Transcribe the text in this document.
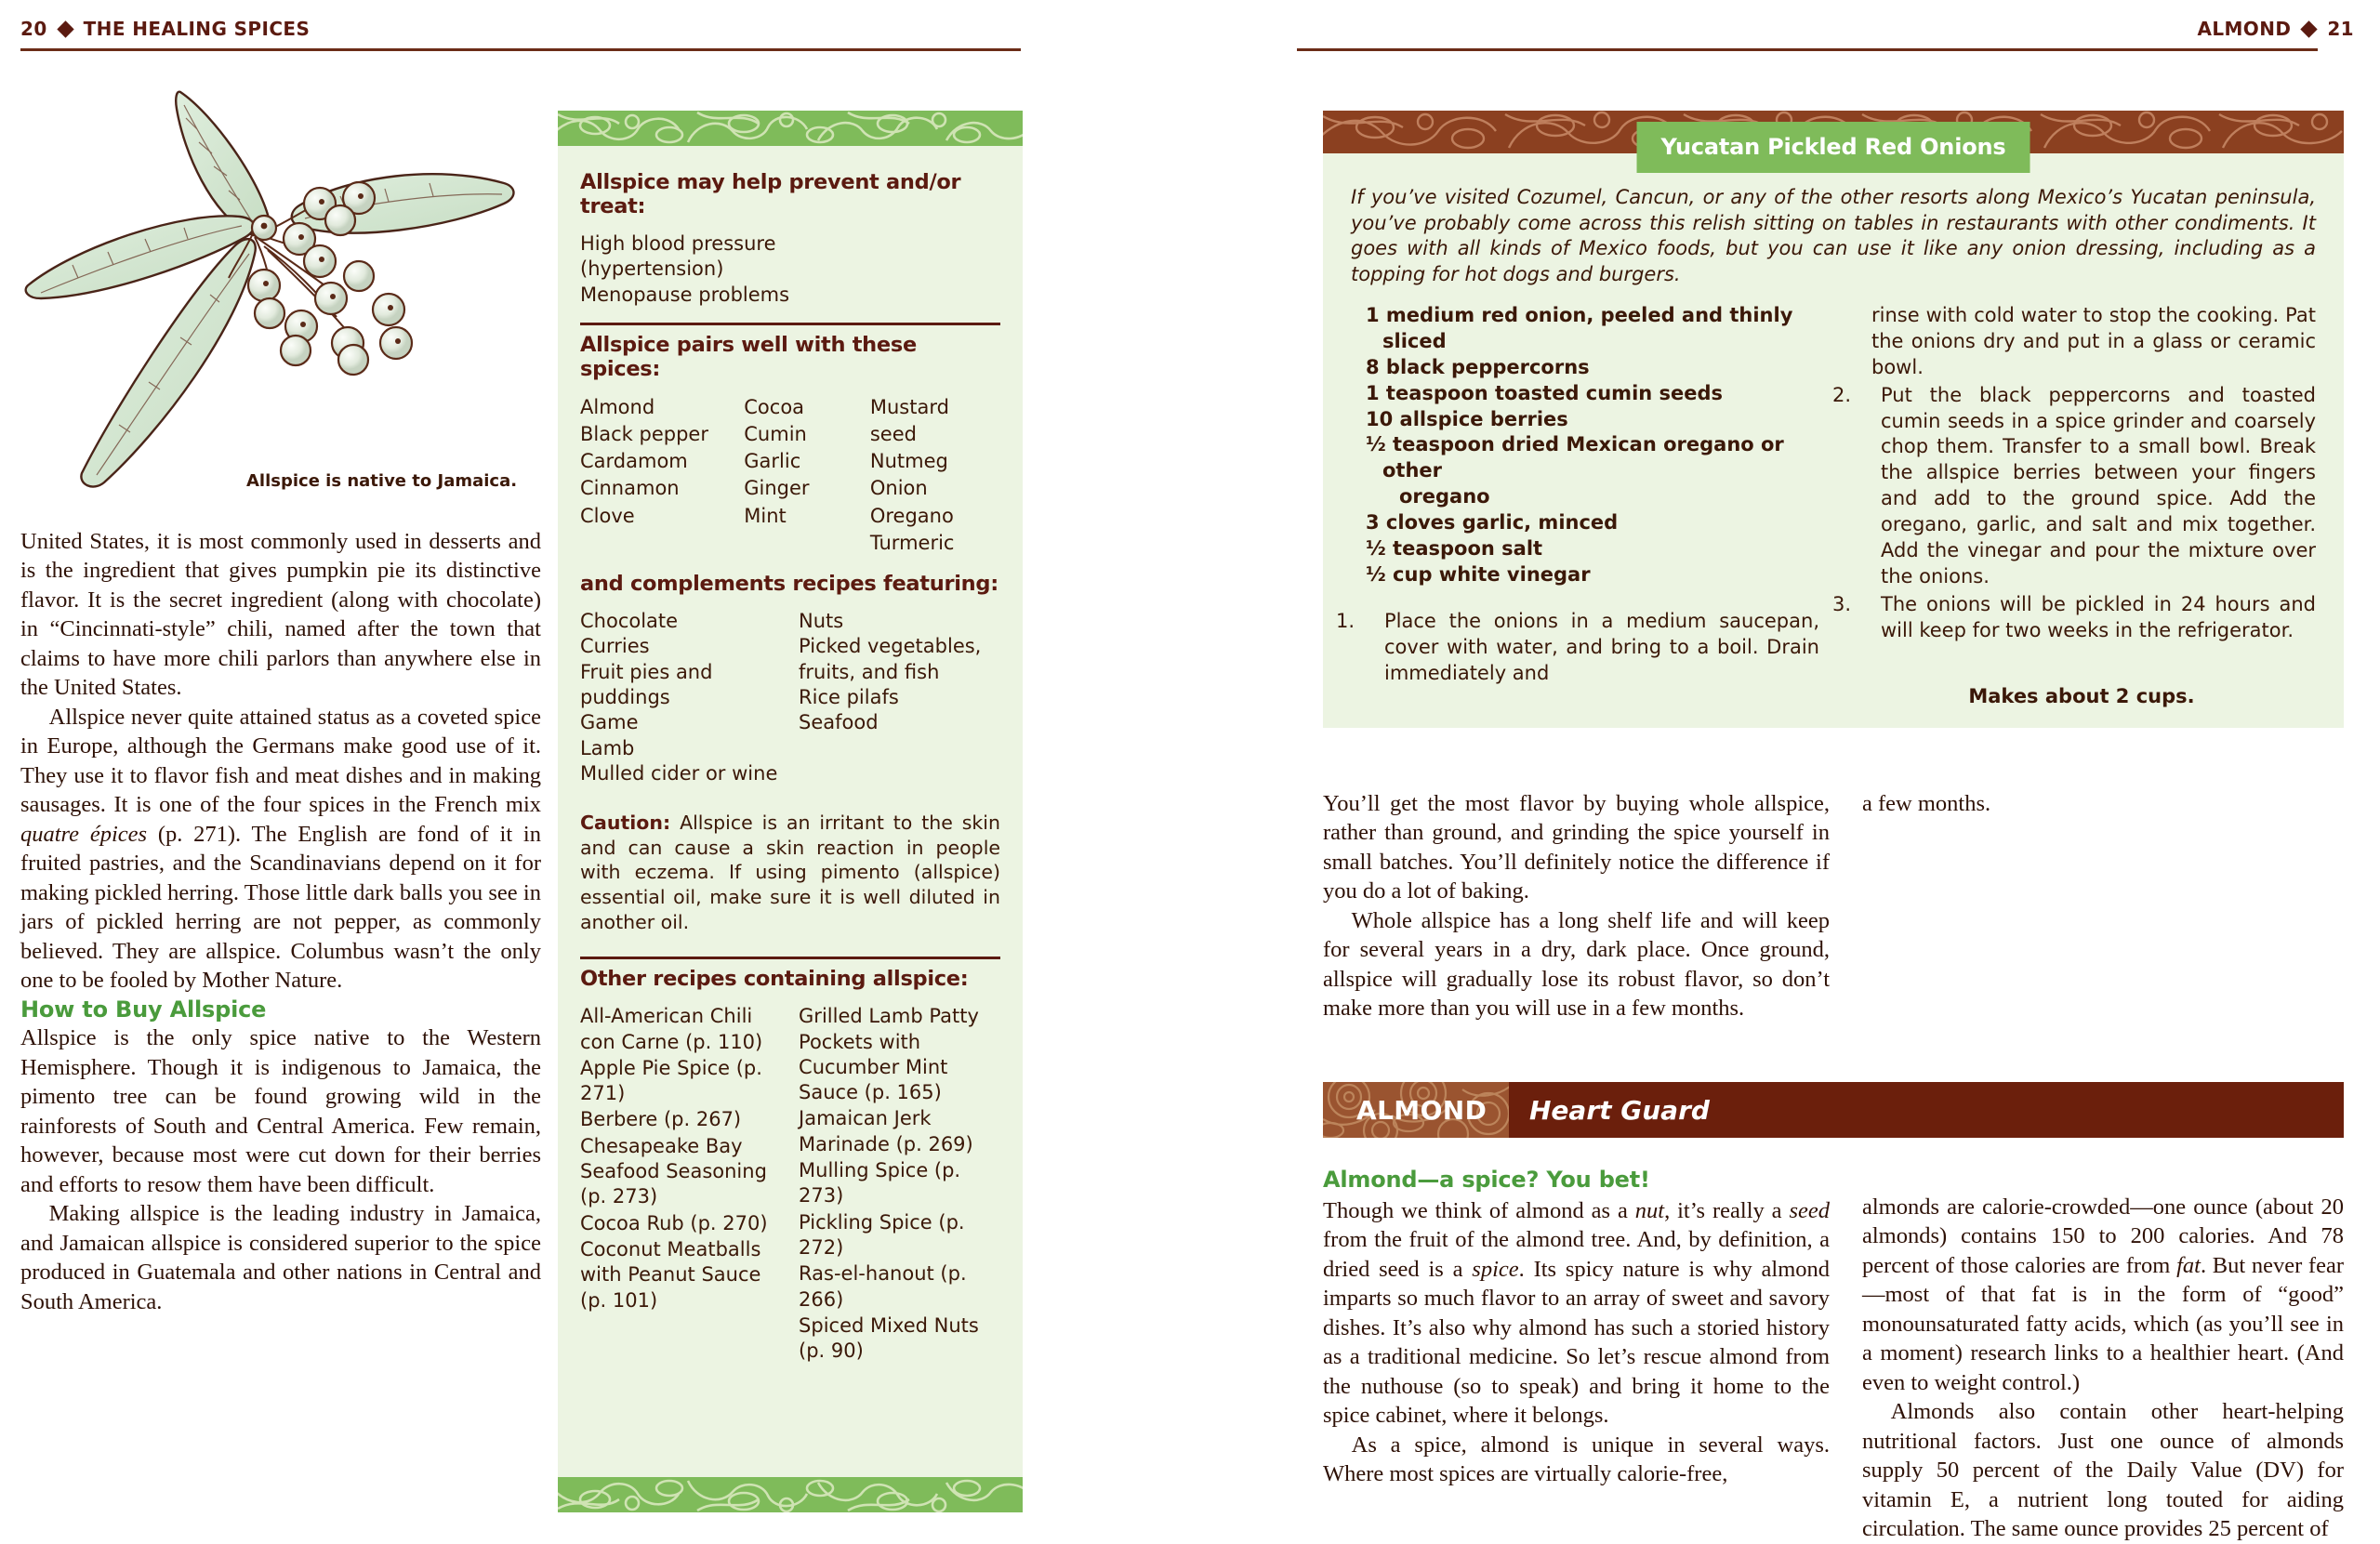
20 THE HEALING SPICES
Allspice is native to Jamaica.

United States, it is most commonly used in desserts and is the ingredient that gives pumpkin pie its distinctive flavor. It is the secret ingredient (along with chocolate) in “Cincinnati-style” chili, named after the town that claims to have more chili parlors than anywhere else in the United States.

Allspice never quite attained status as a coveted spice in Europe, although the Germans make good use of it. They use it to flavor fish and meat dishes and in making sausages. It is one of the four spices in the French mix quatre épices (p. 271). The English are fond of it in fruited pastries, and the Scandinavians depend on it for making pickled herring. Those little dark balls you see in jars of pickled herring are not pepper, as commonly believed. They are allspice. Columbus wasn’t the only one to be fooled by Mother Nature.

How to Buy Allspice

Allspice is the only spice native to the Western Hemisphere. Though it is indigenous to Jamaica, the pimento tree can be found growing wild in the rainforests of South and Central America. Few remain, however, because most were cut down for their berries and efforts to resow them have been difficult.

Making allspice is the leading industry in Jamaica, and Jamaican allspice is considered superior to the spice produced in Guatemala and other nations in Central and South America.

Allspice may help prevent and/or treat:
High blood pressure
(hypertension)
Menopause problems
Allspice pairs well with these spices:
Almond
Black pepper
Cardamom
Cinnamon
Clove
Cocoa
Cumin
Garlic
Ginger
Mint
Mustard seed
Nutmeg
Onion
Oregano
Turmeric
and complements recipes featuring:
Chocolate
Curries
Fruit pies and puddings
Game
Lamb
Mulled cider or wine
Nuts
Picked vegetables, fruits, and fish
Rice pilafs
Seafood
Caution: Allspice is an irritant to the skin and can cause a skin reaction in people with eczema. If using pimento (allspice) essential oil, make sure it is well diluted in another oil.
Other recipes containing allspice:
All-American Chili con Carne (p. 110)
Apple Pie Spice (p. 271)
Berbere (p. 267)
Chesapeake Bay Seafood Seasoning (p. 273)
Cocoa Rub (p. 270)
Coconut Meatballs with Peanut Sauce (p. 101)
Grilled Lamb Patty Pockets with Cucumber Mint Sauce (p. 165)
Jamaican Jerk Marinade (p. 269)
Mulling Spice (p. 273)
Pickling Spice (p. 272)
Ras-el-hanout (p. 266)
Spiced Mixed Nuts (p. 90)
ALMOND 21
Yucatan Pickled Red Onions
If you’ve visited Cozumel, Cancun, or any of the other resorts along Mexico’s Yucatan peninsula, you’ve probably come across this relish sitting on tables in restaurants with other condiments. It goes with all kinds of Mexico foods, but you can use it like any onion dressing, including as a topping for hot dogs and burgers.
1 medium red onion, peeled and thinly sliced
8 black peppercorns
1 teaspoon toasted cumin seeds
10 allspice berries
½ teaspoon dried Mexican oregano or other
oregano
3 cloves garlic, minced
½ teaspoon salt
½ cup white vinegar
1. Place the onions in a medium saucepan, cover with water, and bring to a boil. Drain immediately and
rinse with cold water to stop the cooking. Pat the onions dry and put in a glass or ceramic bowl.
2. Put the black peppercorns and toasted cumin seeds in a spice grinder and coarsely chop them. Transfer to a small bowl. Break the allspice berries between your fingers and add to the ground spice. Add the oregano, garlic, and salt and mix together. Add the vinegar and pour the mixture over the onions.
3. The onions will be pickled in 24 hours and will keep for two weeks in the refrigerator.
Makes about 2 cups.

You’ll get the most flavor by buying whole allspice, rather than ground, and grinding the spice yourself in small batches. You’ll definitely notice the difference if you do a lot of baking.

Whole allspice has a long shelf life and will keep for several years in a dry, dark place. Once ground, allspice will gradually lose its robust flavor, so don’t make more than you will use in a few months.

a few months.

ALMOND	Heart Guard

Almond—a spice? You bet!

Though we think of almond as a nut, it’s really a seed from the fruit of the almond tree. And, by definition, a dried seed is a spice. Its spicy nature is why almond imparts so much flavor to an array of sweet and savory dishes. It’s also why almond has such a storied history as a traditional medicine. So let’s rescue almond from the nuthouse (so to speak) and bring it home to the spice cabinet, where it belongs.

As a spice, almond is unique in several ways. Where most spices are virtually calorie-free,

almonds are calorie-crowded—one ounce (about 20 almonds) contains 150 to 200 calories. And 78 percent of those calories are from fat. But never fear—most of that fat is in the form of “good” monounsaturated fatty acids, which (as you’ll see in a moment) research links to a healthier heart. (And even to weight control.)

Almonds also contain other heart-helping nutritional factors. Just one ounce of almonds supply 50 percent of the Daily Value (DV) for vitamin E, a nutrient long touted for aiding circulation. The same ounce provides 25 percent of
